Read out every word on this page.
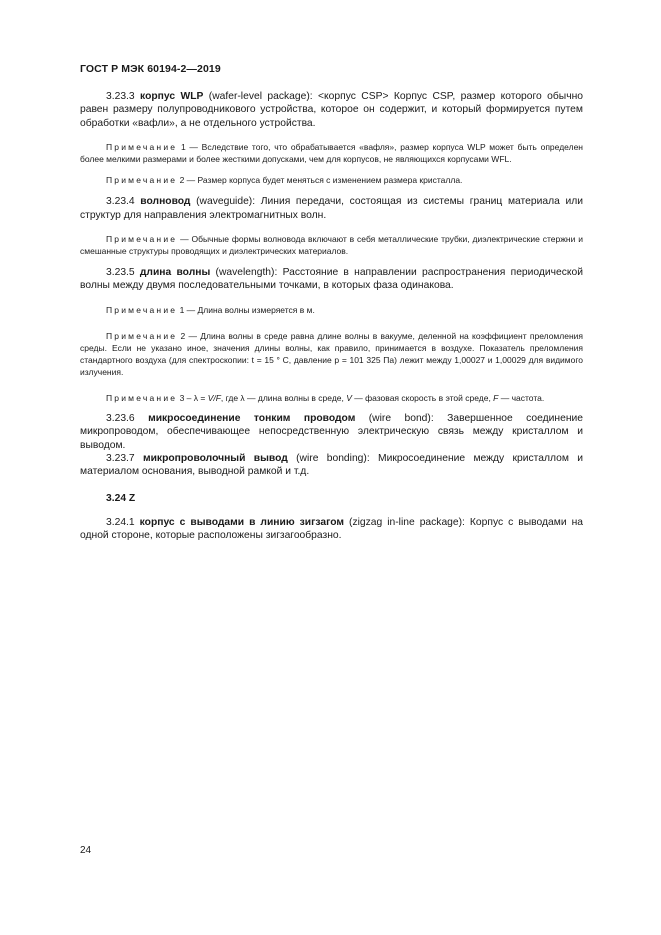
ГОСТ Р МЭК 60194-2—2019

3.23.3 корпус WLP (wafer-level package): <корпус CSP> Корпус CSP, размер которого обычно равен размеру полупроводникового устройства, которое он содержит, и который формируется путем обработки «вафли», а не отдельного устройства.

Примечание 1 — Вследствие того, что обрабатывается «вафля», размер корпуса WLP может быть определен более мелкими размерами и более жесткими допусками, чем для корпусов, не являющихся корпусами WFL.

Примечание 2 — Размер корпуса будет меняться с изменением размера кристалла.

3.23.4 волновод (waveguide): Линия передачи, состоящая из системы границ материала или структур для направления электромагнитных волн.

Примечание — Обычные формы волновода включают в себя металлические трубки, диэлектрические стержни и смешанные структуры проводящих и диэлектрических материалов.

3.23.5 длина волны (wavelength): Расстояние в направлении распространения периодической волны между двумя последовательными точками, в которых фаза одинакова.

Примечание 1 — Длина волны измеряется в м.

Примечание 2 — Длина волны в среде равна длине волны в вакууме, деленной на коэффициент преломления среды. Если не указано иное, значения длины волны, как правило, принимается в воздухе. Показатель преломления стандартного воздуха (для спектроскопии: t = 15 ° С, давление р = 101 325 Па) лежит между 1,00027 и 1,00029 для видимого излучения.

Примечание 3 – λ = V/F, где λ — длина волны в среде, V — фазовая скорость в этой среде, F — частота.

3.23.6 микросоединение тонким проводом (wire bond): Завершенное соединение микропроводом, обеспечивающее непосредственную электрическую связь между кристаллом и выводом.

3.23.7 микропроволочный вывод (wire bonding): Микросоединение между кристаллом и материалом основания, выводной рамкой и т.д.

3.24 Z

3.24.1 корпус с выводами в линию зигзагом (zigzag in-line package): Корпус с выводами на одной стороне, которые расположены зигзагообразно.

24
